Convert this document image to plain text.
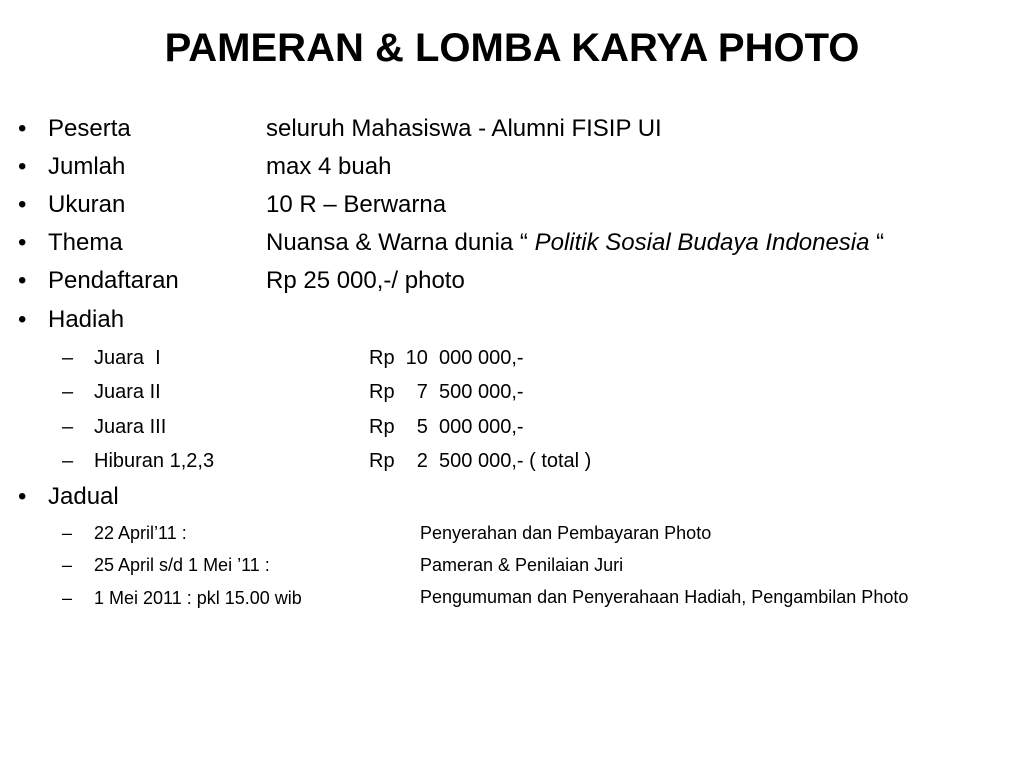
PAMERAN & LOMBA KARYA PHOTO
• Peserta	seluruh Mahasiswa - Alumni FISIP UI
• Jumlah	max 4 buah
• Ukuran	10 R – Berwarna
• Thema	Nuansa & Warna dunia “ Politik Sosial Budaya Indonesia “
• Pendaftaran	Rp 25 000,-/ photo
• Hadiah
– Juara  I	Rp  10  000 000,-
– Juara II	Rp    7  500 000,-
– Juara III	Rp    5  000 000,-
– Hiburan 1,2,3	Rp    2  500 000,- ( total )
• Jadual
– 22 April’11 :	Penyerahan dan Pembayaran Photo
– 25 April s/d 1 Mei ’11 :	Pameran & Penilaian Juri
– 1 Mei 2011 : pkl 15.00 wib	Pengumuman dan Penyerahaan Hadiah, Pengambilan Photo
